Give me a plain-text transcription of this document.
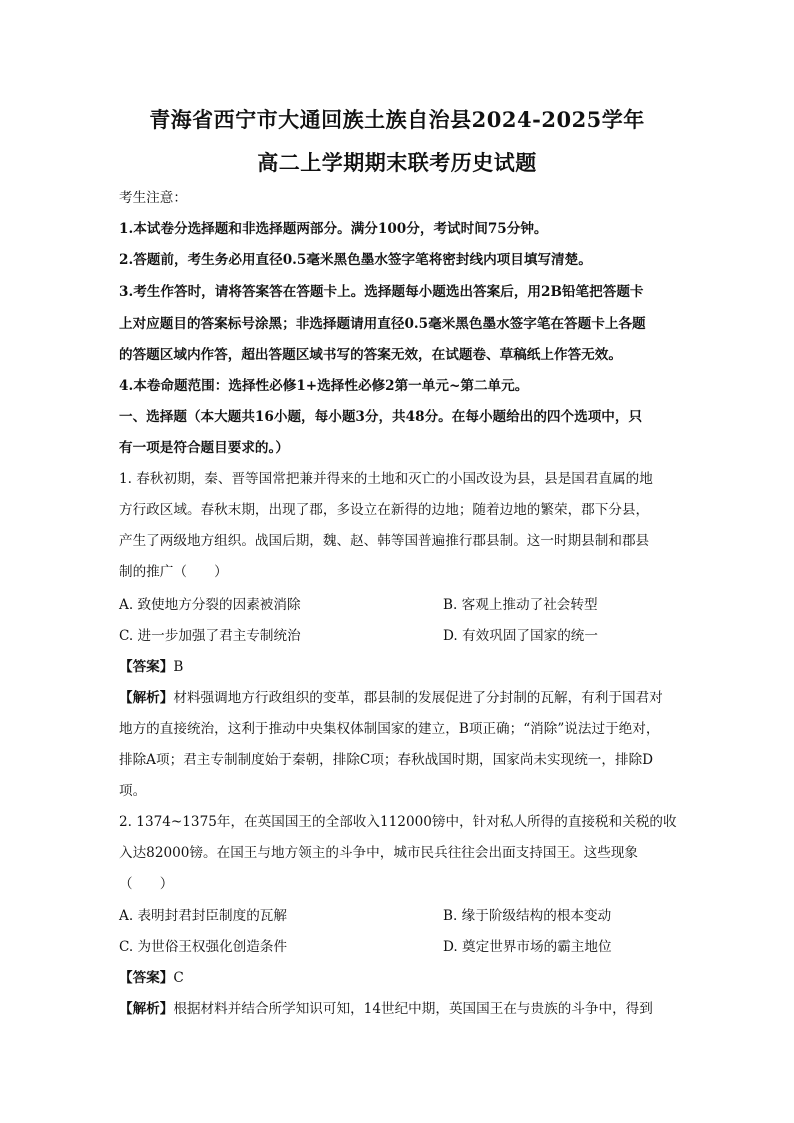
青海省西宁市大通回族土族自治县2024-2025学年
高二上学期期末联考历史试题
考生注意：
1.本试卷分选择题和非选择题两部分。满分100分，考试时间75分钟。
2.答题前，考生务必用直径0.5毫米黑色墨水签字笔将密封线内项目填写清楚。
3.考生作答时，请将答案答在答题卡上。选择题每小题选出答案后，用2B铅笔把答题卡
上对应题目的答案标号涂黑；非选择题请用直径0.5毫米黑色墨水签字笔在答题卡上各题
的答题区域内作答，超出答题区域书写的答案无效，在试题卷、草稿纸上作答无效。
4.本卷命题范围：选择性必修1+选择性必修2第一单元~第二单元。
一、选择题（本大题共16小题，每小题3分，共48分。在每小题给出的四个选项中，只
有一项是符合题目要求的。）
1. 春秋初期，秦、晋等国常把兼并得来的土地和灭亡的小国改设为县，县是国君直属的地
方行政区域。春秋末期，出现了郡，多设立在新得的边地；随着边地的繁荣，郡下分县，
产生了两级地方组织。战国后期，魏、赵、韩等国普遍推行郡县制。这一时期县制和郡县
制的推广（　　）
A. 致使地方分裂的因素被消除	B. 客观上推动了社会转型
C. 进一步加强了君主专制统治	D. 有效巩固了国家的统一
【答案】B
【解析】材料强调地方行政组织的变革，郡县制的发展促进了分封制的瓦解，有利于国君对
地方的直接统治，这利于推动中央集权体制国家的建立，B项正确；“消除”说法过于绝对，
排除A项；君主专制制度始于秦朝，排除C项；春秋战国时期，国家尚未实现统一，排除D
项。
2. 1374~1375年，在英国国王的全部收入112000镑中，针对私人所得的直接税和关税的收
入达82000镑。在国王与地方领主的斗争中，城市民兵往往会出面支持国王。这些现象
（　　）
A. 表明封君封臣制度的瓦解	B. 缘于阶级结构的根本变动
C. 为世俗王权强化创造条件	D. 奠定世界市场的霸主地位
【答案】C
【解析】根据材料并结合所学知识可知，14世纪中期，英国国王在与贵族的斗争中，得到
